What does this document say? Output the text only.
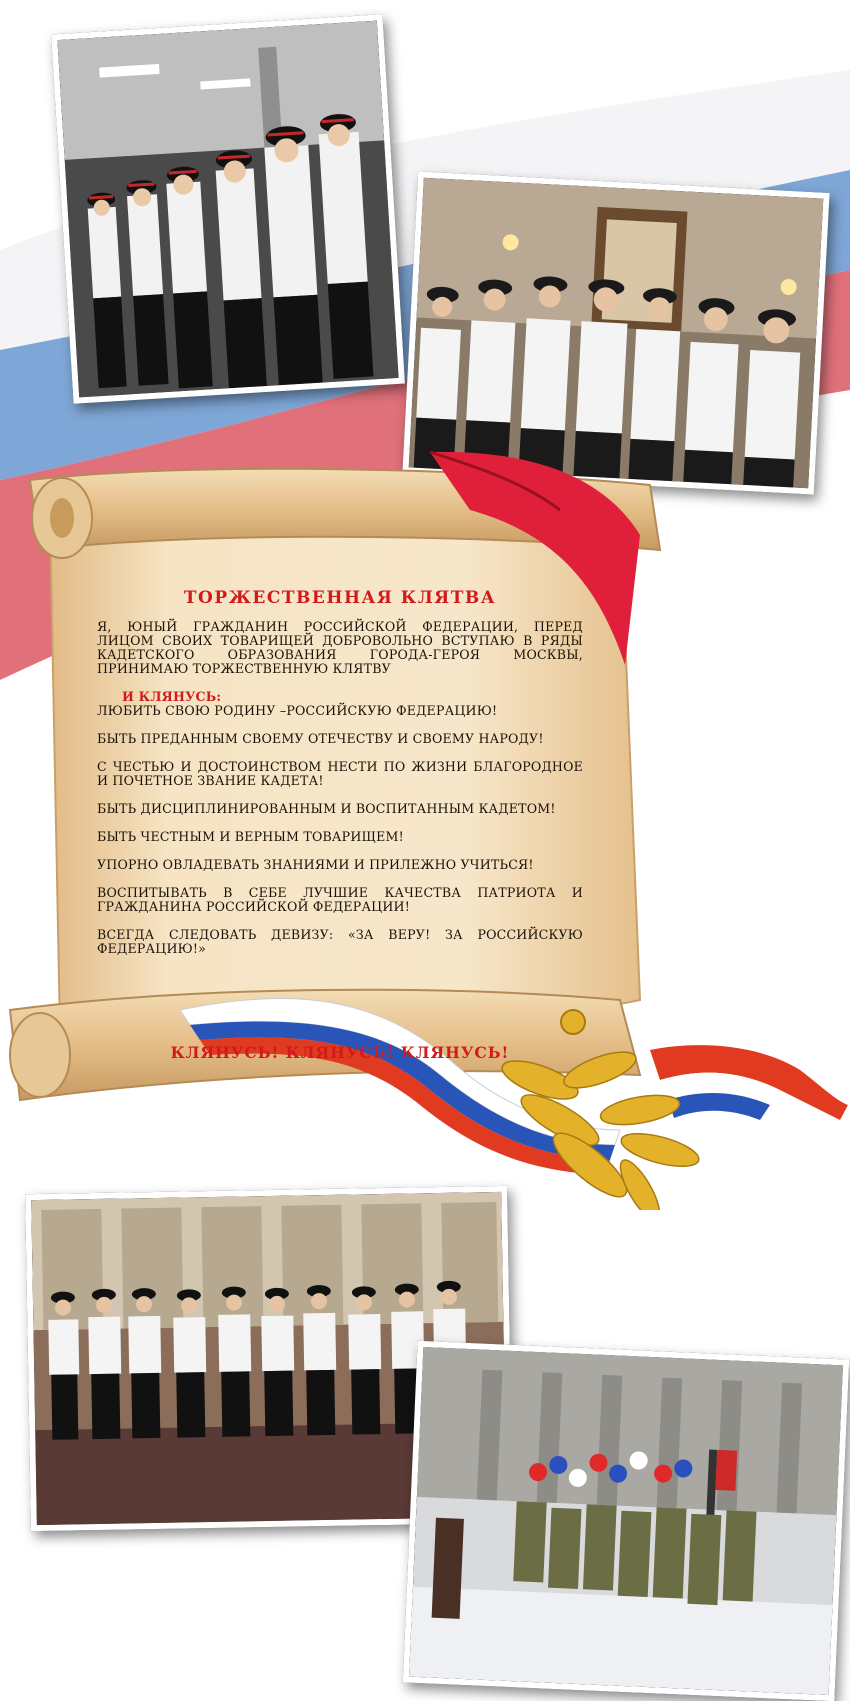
ТОРЖЕСТВЕННАЯ КЛЯТВА

Я, ЮНЫЙ ГРАЖДАНИН РОССИЙСКОЙ ФЕДЕРАЦИИ, ПЕРЕД ЛИЦОМ СВОИХ ТОВАРИЩЕЙ ДОБРОВОЛЬНО ВСТУПАЮ В РЯДЫ КАДЕТСКОГО ОБРАЗОВАНИЯ ГОРОДА-ГЕРОЯ МОСКВЫ, ПРИНИМАЮ ТОРЖЕСТВЕННУЮ КЛЯТВУ

И КЛЯНУСЬ:

ЛЮБИТЬ СВОЮ РОДИНУ –РОССИЙСКУЮ ФЕДЕРАЦИЮ!

БЫТЬ ПРЕДАННЫМ СВОЕМУ ОТЕЧЕСТВУ И СВОЕМУ НАРОДУ!

С ЧЕСТЬЮ И ДОСТОИНСТВОМ НЕСТИ ПО ЖИЗНИ БЛАГОРОДНОЕ И ПОЧЕТНОЕ ЗВАНИЕ КАДЕТА!

БЫТЬ ДИСЦИПЛИНИРОВАННЫМ И ВОСПИТАННЫМ КАДЕТОМ!

БЫТЬ ЧЕСТНЫМ И ВЕРНЫМ ТОВАРИЩЕМ!

УПОРНО ОВЛАДЕВАТЬ ЗНАНИЯМИ И ПРИЛЕЖНО УЧИТЬСЯ!

ВОСПИТЫВАТЬ В СЕБЕ ЛУЧШИЕ КАЧЕСТВА ПАТРИОТА И ГРАЖДАНИНА РОССИЙСКОЙ ФЕДЕРАЦИИ!

ВСЕГДА СЛЕДОВАТЬ ДЕВИЗУ: «ЗА ВЕРУ! ЗА РОССИЙСКУЮ ФЕДЕРАЦИЮ!»

КЛЯНУСЬ! КЛЯНУСЬ! КЛЯНУСЬ!
